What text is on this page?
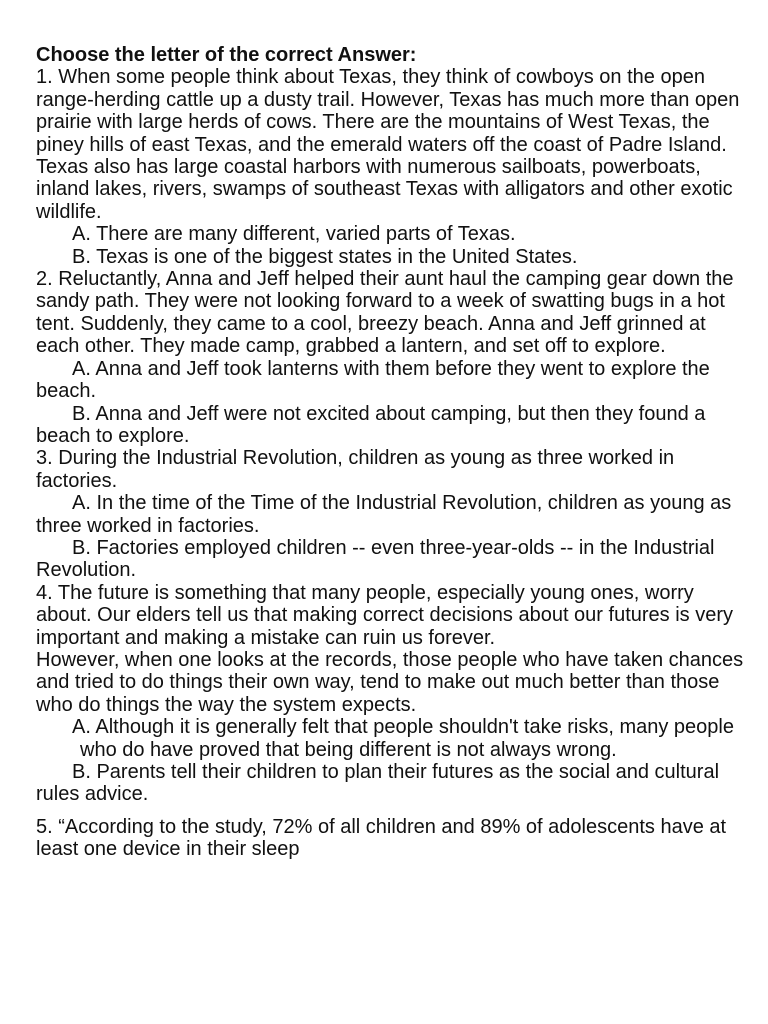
Choose the letter of the correct Answer:

1. When some people think about Texas, they think of cowboys on the open range-herding cattle up a dusty trail. However, Texas has much more than open prairie with large herds of cows. There are the mountains of West Texas, the piney hills of east Texas, and the emerald waters off the coast of Padre Island. Texas also has large coastal harbors with numerous sailboats, powerboats, inland lakes, rivers, swamps of southeast Texas with alligators and other exotic wildlife.

A. There are many different, varied parts of Texas.

B. Texas is one of the biggest states in the United States.

2. Reluctantly, Anna and Jeff helped their aunt haul the camping gear down the sandy path. They were not looking forward to a week of swatting bugs in a hot tent. Suddenly, they came to a cool, breezy beach. Anna and Jeff grinned at each other. They made camp, grabbed a lantern, and set off to explore.

A. Anna and Jeff took lanterns with them before they went to explore the beach.

B. Anna and Jeff were not excited about camping, but then they found a beach to explore.

3. During the Industrial Revolution, children as young as three worked in factories.

A. In the time of the Time of the Industrial Revolution, children as young as three worked in factories.

B. Factories employed children -- even three-year-olds -- in the Industrial Revolution.

4. The future is something that many people, especially young ones, worry about. Our elders tell us that making correct decisions about our futures is very important and making a mistake can ruin us forever.

However, when one looks at the records, those people who have taken chances and tried to do things their own way, tend to make out much better than those who do things the way the system expects.

A. Although it is generally felt that people shouldn't take risks, many people who do have proved that being different is not always wrong.

B. Parents tell their children to plan their futures as the social and cultural rules advice.

5. “According to the study, 72% of all children and 89% of adolescents have at least one device in their sleep
